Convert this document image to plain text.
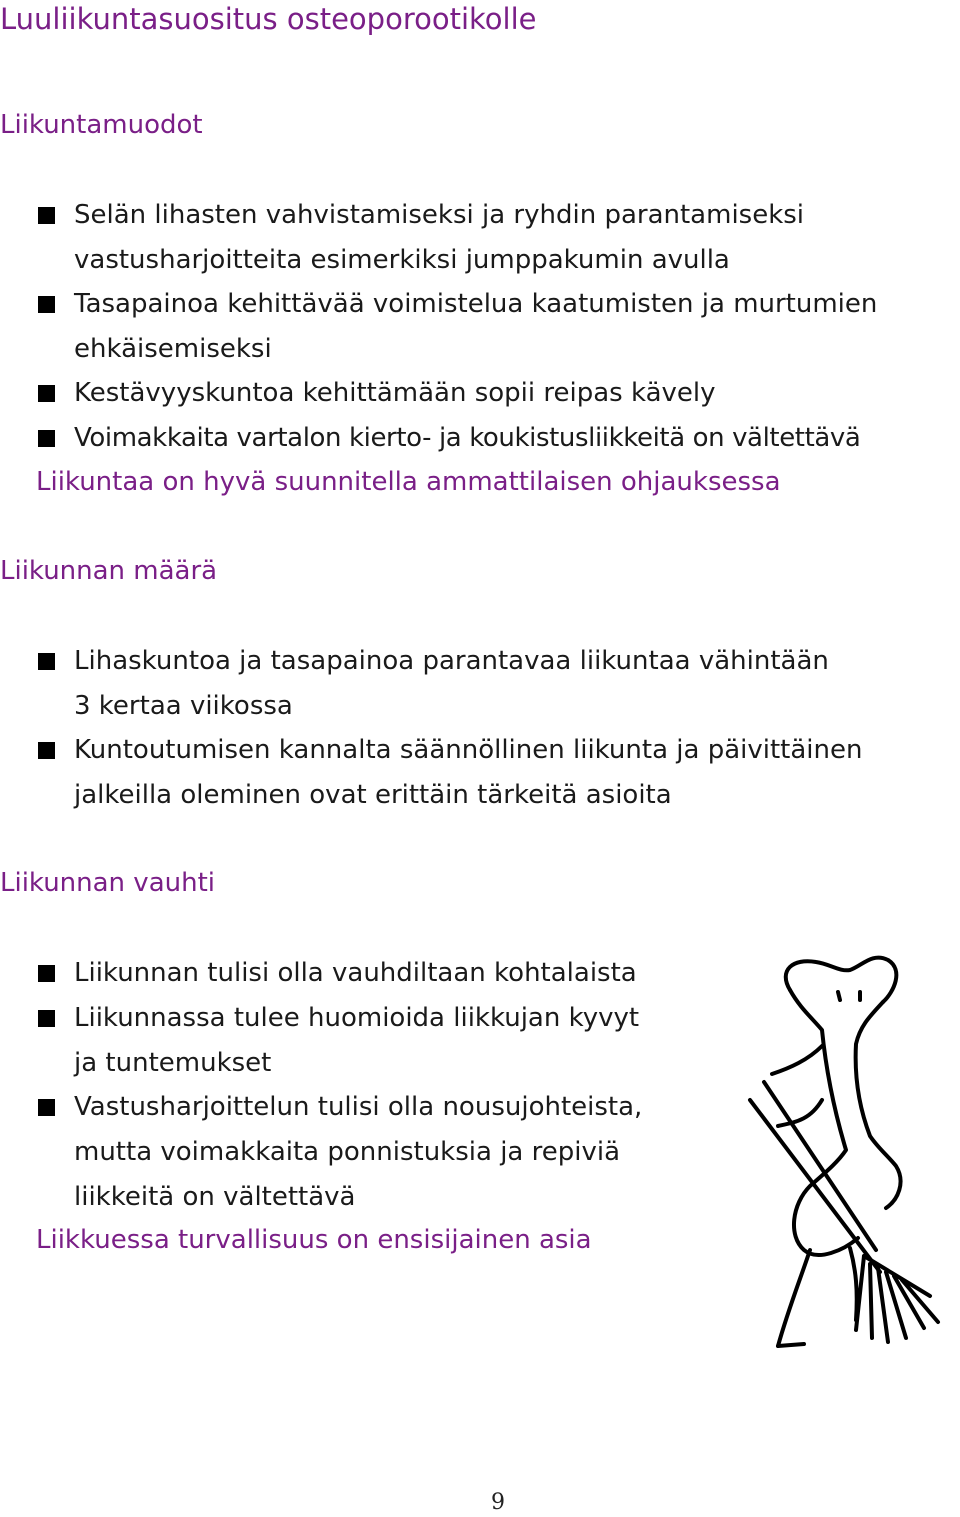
Luuliikuntasuositus osteoporootikolle
Liikuntamuodot
Selän lihasten vahvistamiseksi ja ryhdin parantamiseksi
vastusharjoitteita esimerkiksi jumppakumin avulla
Tasapainoa kehittävää voimistelua kaatumisten ja murtumien
ehkäisemiseksi
Kestävyyskuntoa kehittämään sopii reipas kävely
Voimakkaita vartalon kierto- ja koukistusliikkeitä on vältettävä
Liikuntaa on hyvä suunnitella ammattilaisen ohjauksessa
Liikunnan määrä
Lihaskuntoa ja tasapainoa parantavaa liikuntaa vähintään
3 kertaa viikossa
Kuntoutumisen kannalta säännöllinen liikunta ja päivittäinen
jalkeilla oleminen ovat erittäin tärkeitä asioita
Liikunnan vauhti
Liikunnan tulisi olla vauhdiltaan kohtalaista
Liikunnassa tulee huomioida liikkujan kyvyt
ja tuntemukset
Vastusharjoittelun tulisi olla nousujohteista,
mutta voimakkaita ponnistuksia ja repiviä
liikkeitä on vältettävä
Liikkuessa turvallisuus on ensisijainen asia
9
